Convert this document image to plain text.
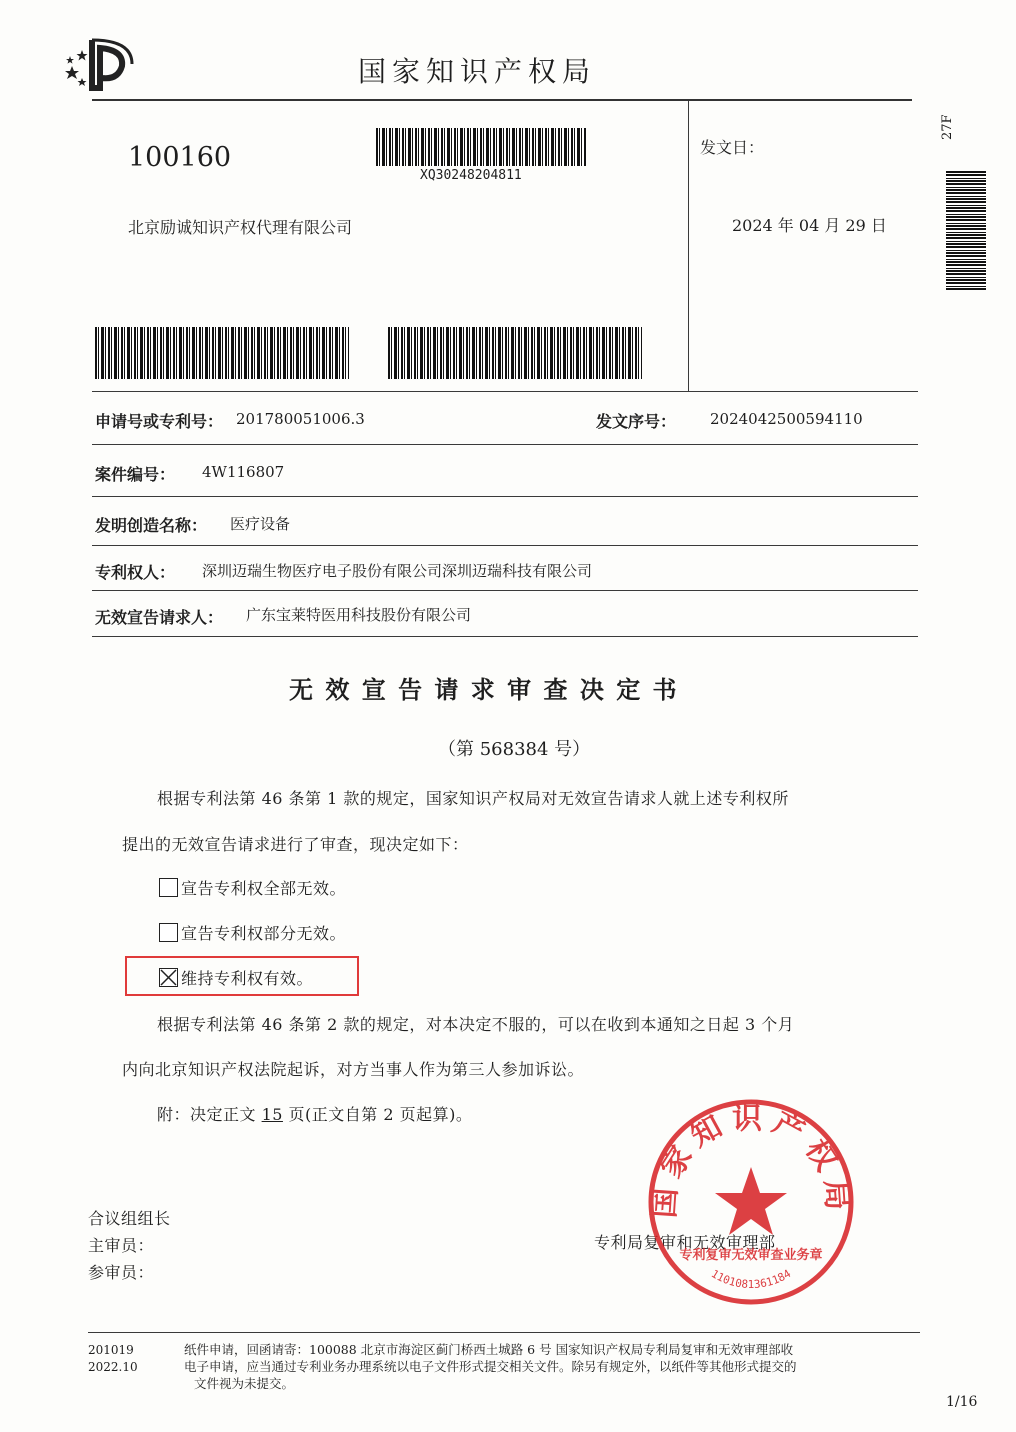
国家知识产权局
100160
XQ30248204811
北京励诚知识产权代理有限公司
发文日：
2024 年 04 月 29 日
27F
申请号或专利号： 201780051006.3	发文序号： 2024042500594110
案件编号： 4W116807
发明创造名称： 医疗设备
专利权人： 深圳迈瑞生物医疗电子股份有限公司深圳迈瑞科技有限公司
无效宣告请求人： 广东宝莱特医用科技股份有限公司
无 效 宣 告 请 求 审 查 决 定 书
（第 568384 号）
根据专利法第 46 条第 1 款的规定，国家知识产权局对无效宣告请求人就上述专利权所
提出的无效宣告请求进行了审查，现决定如下：
宣告专利权全部无效。
宣告专利权部分无效。
维持专利权有效。
根据专利法第 46 条第 2 款的规定，对本决定不服的，可以在收到本通知之日起 3 个月
内向北京知识产权法院起诉，对方当事人作为第三人参加诉讼。
附：决定正文 15 页(正文自第 2 页起算)。
合议组组长
主审员：
参审员：
专利局复审和无效审理部
国家知识产权局
专利复审无效审查业务章
1101081361184
201019
2022.10
纸件申请，回函请寄：100088 北京市海淀区蓟门桥西土城路 6 号 国家知识产权局专利局复审和无效审理部收
电子申请，应当通过专利业务办理系统以电子文件形式提交相关文件。除另有规定外，以纸件等其他形式提交的
文件视为未提交。
1/16
